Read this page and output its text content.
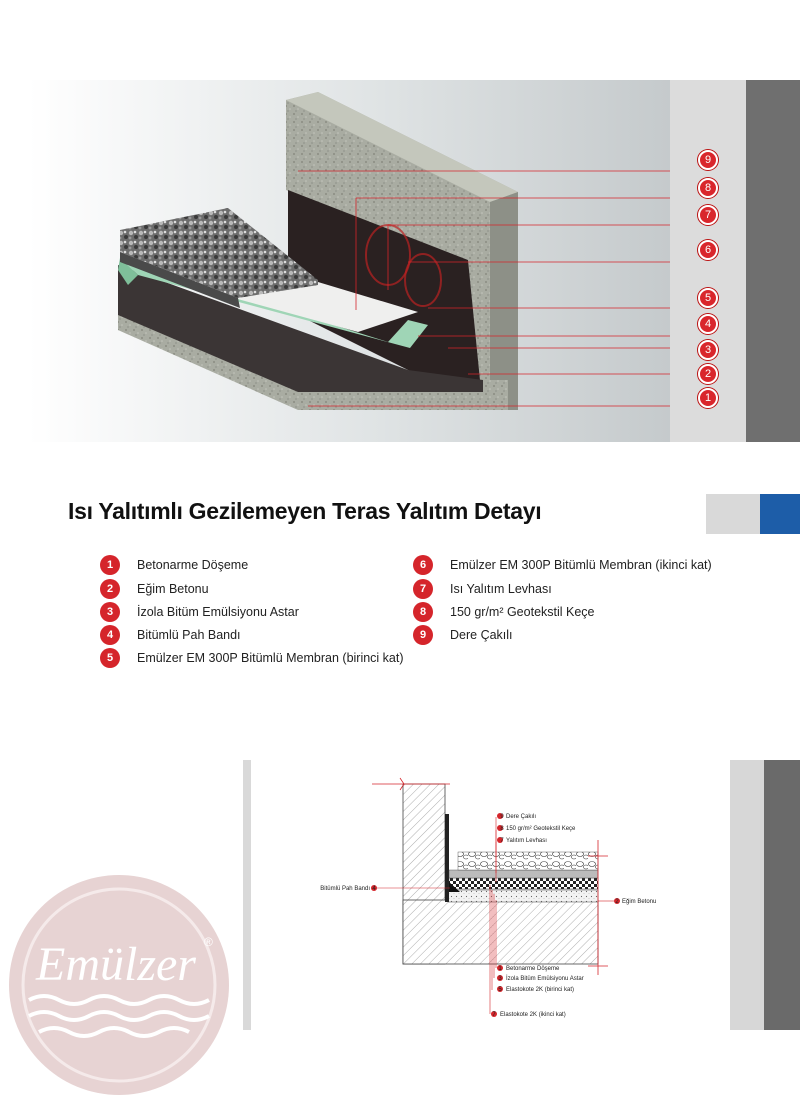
9
8
7
6
5
4
3
2
1
Isı Yalıtımlı Gezilemeyen Teras Yalıtım Detayı
1	Betonarme Döşeme
2	Eğim Betonu
3	İzola Bitüm Emülsiyonu Astar
4	Bitümlü Pah Bandı
5	Emülzer EM 300P Bitümlü Membran (birinci kat)
6	Emülzer EM 300P Bitümlü Membran (ikinci kat)
7	Isı Yalıtım Levhası
8	150 gr/m² Geotekstil Keçe
9	Dere Çakılı
Emülzer ®
9 Dere Çakılı
8 150 gr/m² Geotekstil Keçe
7 Yalıtım Levhası
Bitümlü Pah Bandı 4
2 Eğim Betonu
1 Betonarme Döşeme
3 İzola Bitüm Emülsiyonu Astar
5 Elastokote 2K (birinci kat)
7 Elastokote 2K (ikinci kat)
